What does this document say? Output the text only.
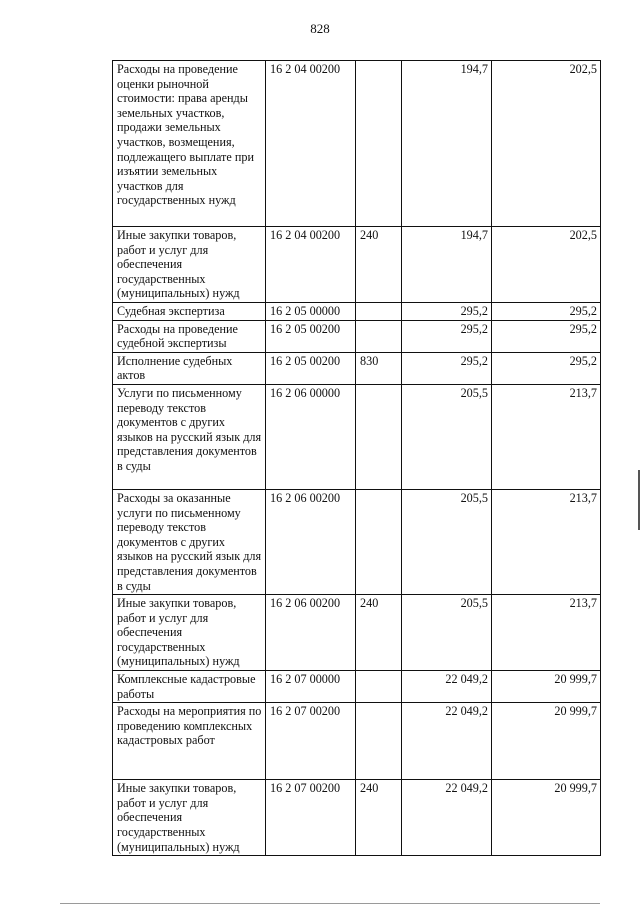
828
Расходы на проведение оценки рыночной стоимости: права аренды земельных участков, продажи земельных участков, возмещения, подлежащего выплате при изъятии земельных участков для государственных нужд	16 2 04 00200		194,7	202,5
Иные закупки товаров, работ и услуг для обеспечения государственных (муниципальных) нужд	16 2 04 00200	240	194,7	202,5
Судебная экспертиза	16 2 05 00000		295,2	295,2
Расходы на проведение судебной экспертизы	16 2 05 00200		295,2	295,2
Исполнение судебных актов	16 2 05 00200	830	295,2	295,2
Услуги по письменному переводу текстов документов с других языков на русский язык для представления документов в суды	16 2 06 00000		205,5	213,7
Расходы за оказанные услуги по письменному переводу текстов документов с других языков на русский язык для представления документов в суды	16 2 06 00200		205,5	213,7
Иные закупки товаров, работ и услуг для обеспечения государственных (муниципальных) нужд	16 2 06 00200	240	205,5	213,7
Комплексные кадастровые работы	16 2 07 00000		22 049,2	20 999,7
Расходы на мероприятия по проведению комплексных кадастровых работ	16 2 07 00200		22 049,2	20 999,7
Иные закупки товаров, работ и услуг для обеспечения государственных (муниципальных) нужд	16 2 07 00200	240	22 049,2	20 999,7
